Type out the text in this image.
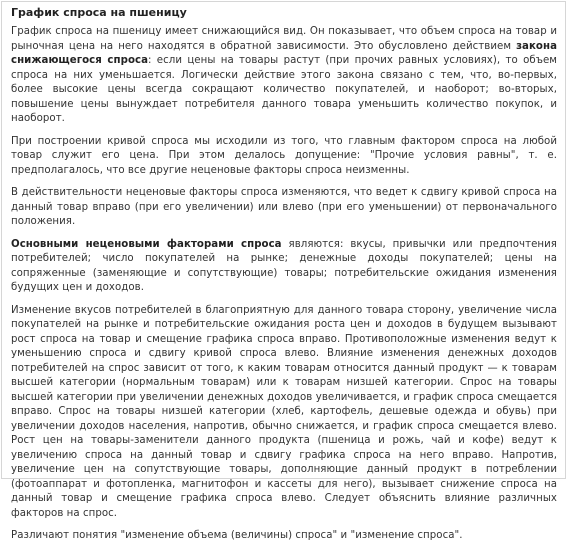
График спроса на пшеницу

График спроса на пшеницу имеет снижающийся вид. Он показывает, что объем спроса на товар и рыночная цена на него находятся в обратной зависимости. Это обусловлено действием закона снижающегося спроса: если цены на товары растут (при прочих равных условиях), то объем спроса на них уменьшается. Логически действие этого закона связано с тем, что, во-первых, более высокие цены всегда сокращают количество покупателей, и наоборот; во-вторых, повышение цены вынуждает потребителя данного товара уменьшить количество покупок, и наоборот.

При построении кривой спроса мы исходили из того, что главным фактором спроса на любой товар служит его цена. При этом делалось допущение: "Прочие условия равны", т. е. предполагалось, что все другие неценовые факторы спроса неизменны.

В действительности неценовые факторы спроса изменяются, что ведет к сдвигу кривой спроса на данный товар вправо (при его увеличении) или влево (при его уменьшении) от первоначального положения.

Основными неценовыми факторами спроса являются: вкусы, привычки или предпочтения потребителей; число покупателей на рынке; денежные доходы покупателей; цены на сопряженные (заменяющие и сопутствующие) товары; потребительские ожидания изменения будущих цен и доходов.

Изменение вкусов потребителей в благоприятную для данного товара сторону, увеличение числа покупателей на рынке и потребительские ожидания роста цен и доходов в будущем вызывают рост спроса на товар и смещение графика спроса вправо. Противоположные изменения ведут к уменьшению спроса и сдвигу кривой спроса влево. Влияние изменения денежных доходов потребителей на спрос зависит от того, к каким товарам относится данный продукт — к товарам высшей категории (нормальным товарам) или к товарам низшей категории. Спрос на товары высшей категории при увеличении денежных доходов увеличивается, и график спроса смещается вправо. Спрос на товары низшей категории (хлеб, картофель, дешевые одежда и обувь) при увеличении доходов населения, напротив, обычно снижается, и график спроса смещается влево. Рост цен на товары-заменители данного продукта (пшеница и рожь, чай и кофе) ведут к увеличению спроса на данный товар и сдвигу графика спроса на него вправо. Напротив, увеличение цен на сопутствующие товары, дополняющие данный продукт в потреблении (фотоаппарат и фотопленка, магнитофон и кассеты для него), вызывает снижение спроса на данный товар и смещение графика спроса влево. Следует объяснить влияние различных факторов на спрос.

Различают понятия "изменение объема (величины) спроса" и "изменение спроса".
